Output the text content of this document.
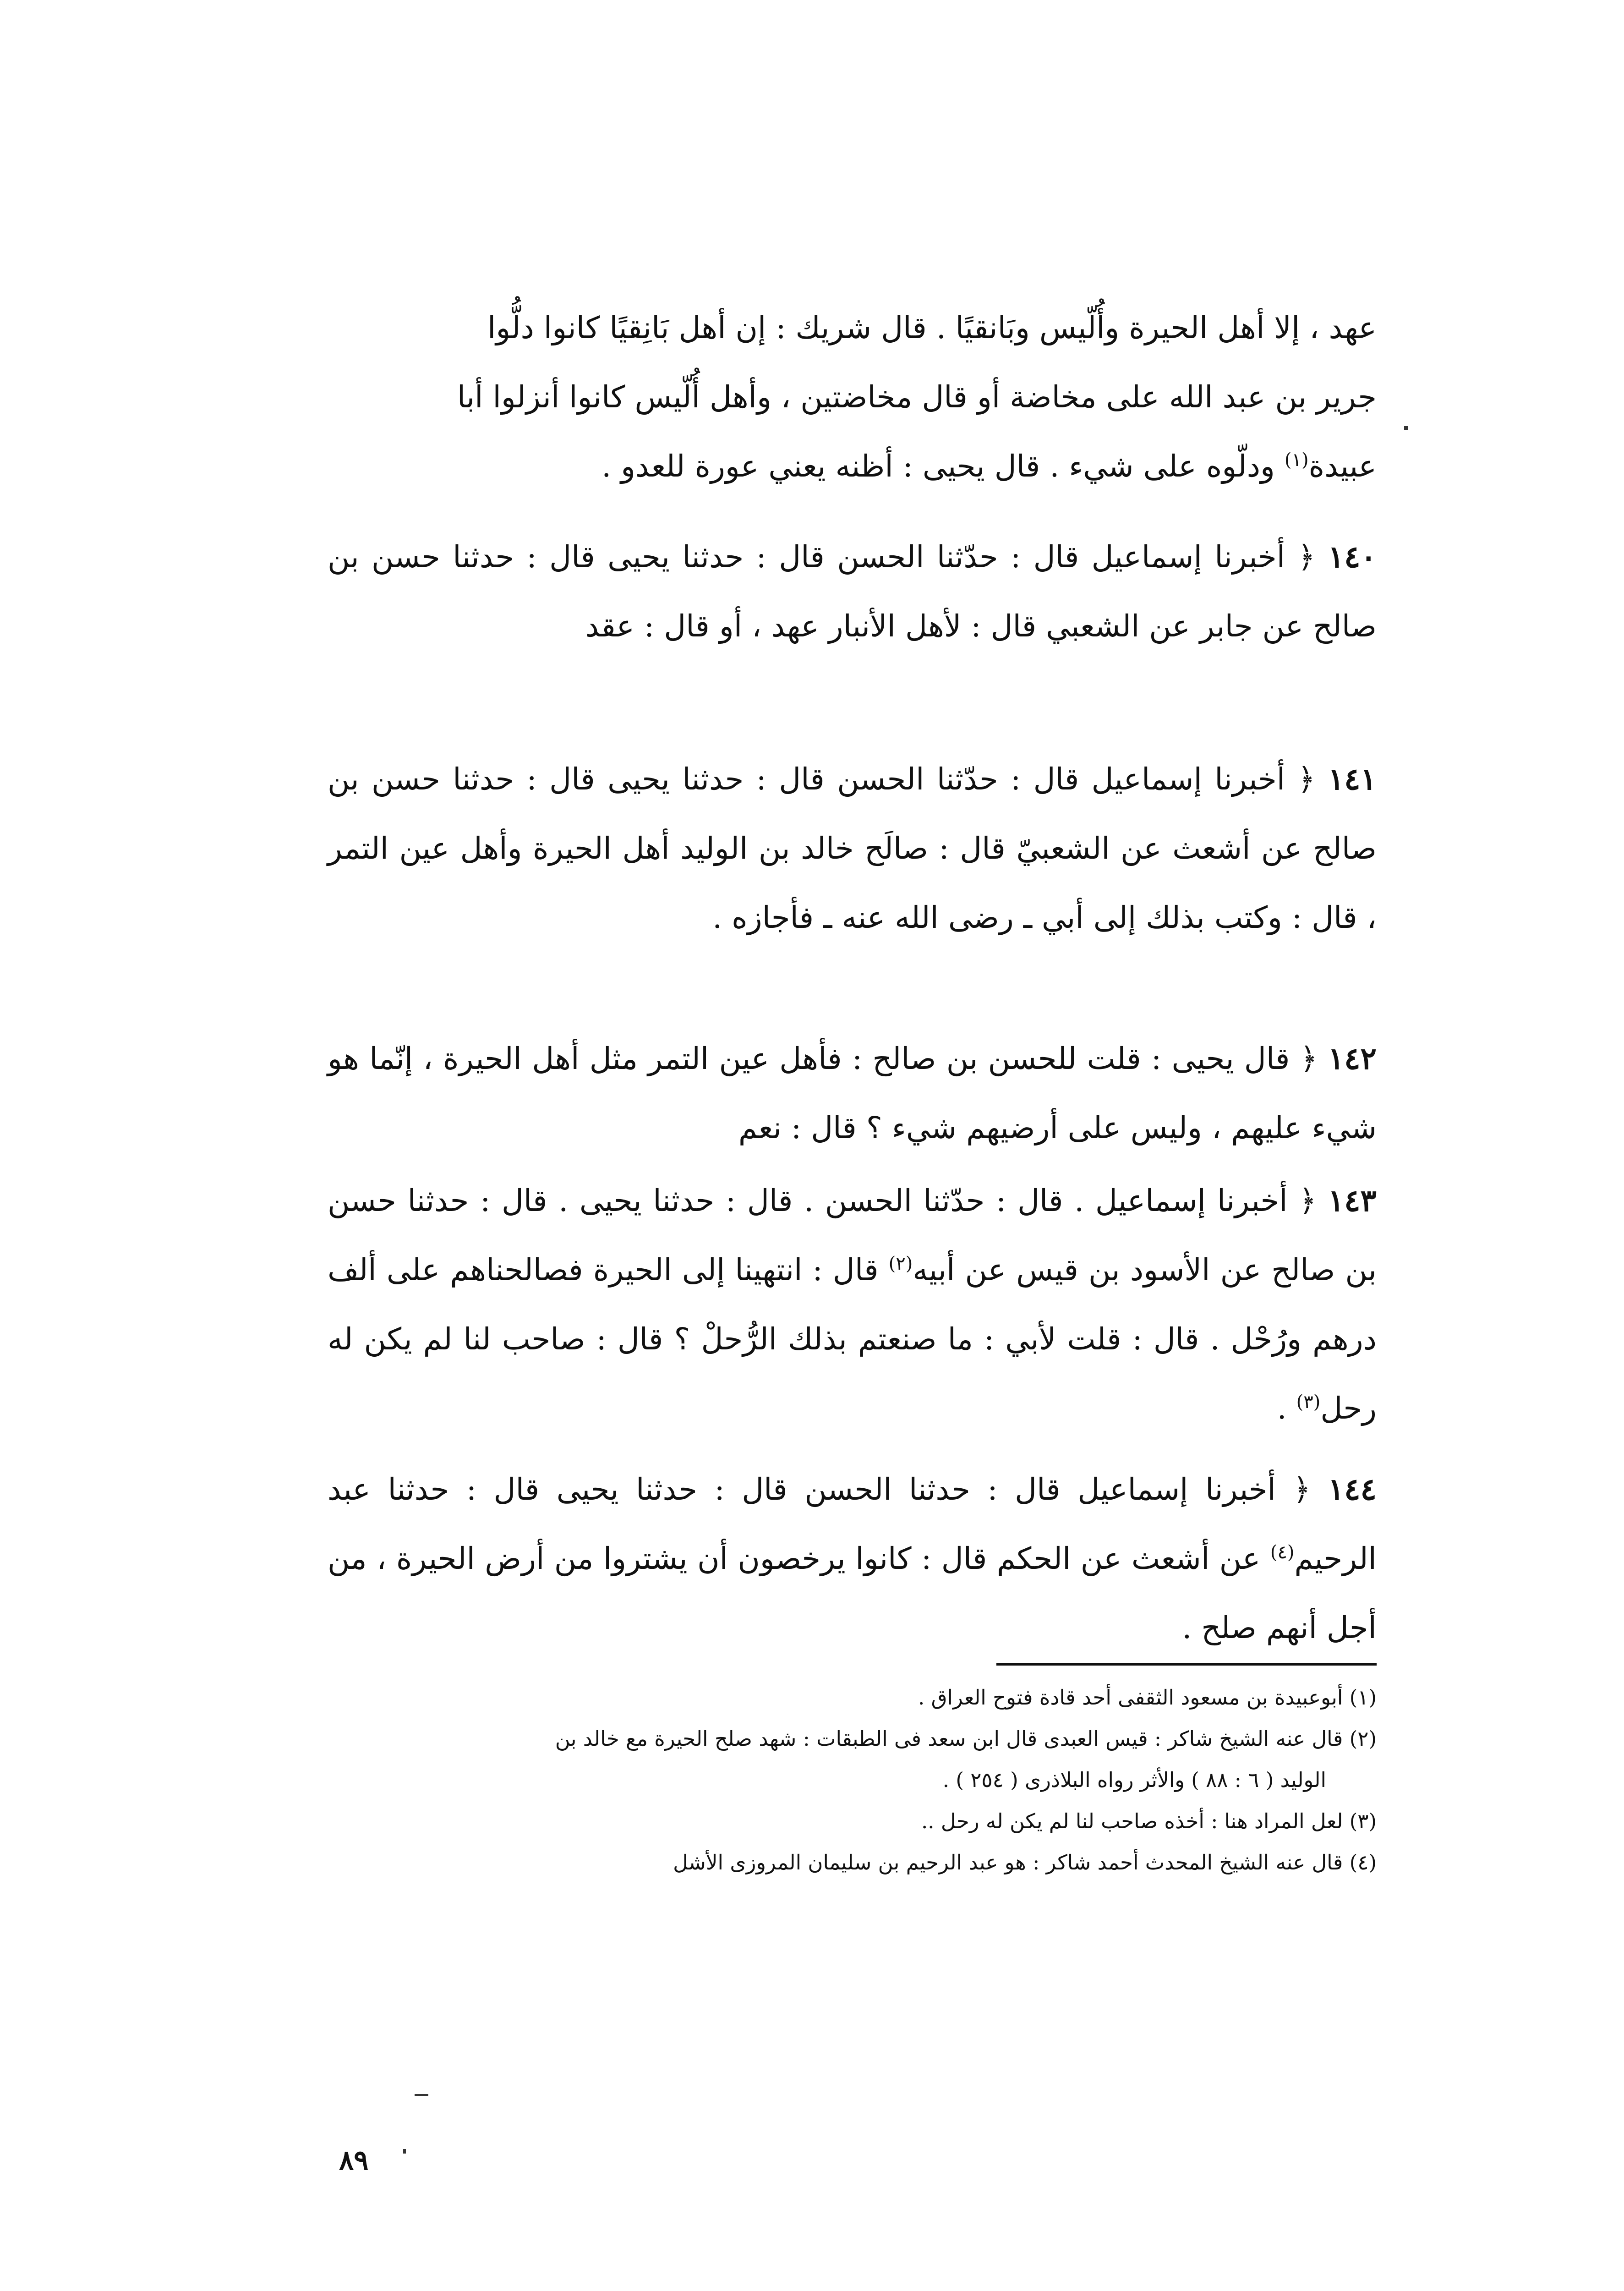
عهد ، إلا أهل الحيرة وأُلّيس وبَانقيًا . قال شريك : إن أهل بَانِقيًا كانوا دلُّوا
جرير بن عبد الله على مخاضة أو قال مخاضتين ، وأهل أُلّيس كانوا أنزلوا أبا
عبيدة$^{(١)}$ ودلّوه على شيء . قال يحيى : أظنه يعني عورة للعدو .
١٤٠ ﴿ أخبرنا إسماعيل قال : حدّثنا الحسن قال : حدثنا يحيى قال : حدثنا حسن بن صالح عن جابر عن الشعبي قال : لأهل الأنبار عهد ، أو قال : عقد
١٤١ ﴿ أخبرنا إسماعيل قال : حدّثنا الحسن قال : حدثنا يحيى قال : حدثنا حسن بن صالح عن أشعث عن الشعبيّ قال : صالَح خالد بن الوليد أهل الحيرة وأهل عين التمر ، قال : وكتب بذلك إلى أبي ـ رضى الله عنه ـ فأجازه .
١٤٢ ﴿ قال يحيى : قلت للحسن بن صالح : فأهل عين التمر مثل أهل الحيرة ، إنّما هو شيء عليهم ، وليس على أرضيهم شيء ؟ قال : نعم
١٤٣ ﴿ أخبرنا إسماعيل . قال : حدّثنا الحسن . قال : حدثنا يحيى . قال : حدثنا حسن بن صالح عن الأسود بن قيس عن أبيه$^{(٢)}$ قال : انتهينا إلى الحيرة فصالحناهم على ألف درهم ورُحْل . قال : قلت لأبي : ما صنعتم بذلك الرُّحلْ ؟ قال : صاحب لنا لم يكن له رحل$^{(٣)}$ .
١٤٤ ﴿ أخبرنا إسماعيل قال : حدثنا الحسن قال : حدثنا يحيى قال : حدثنا عبد الرحيم$^{(٤)}$ عن أشعث عن الحكم قال : كانوا يرخصون أن يشتروا من أرض الحيرة ، من أجل أنهم صلح .

(١) أبوعبيدة بن مسعود الثقفى أحد قادة فتوح العراق .

(٢) قال عنه الشيخ شاكر : قيس العبدى قال ابن سعد فى الطبقات : شهد صلح الحيرة مع خالد بن

الوليد ( ٦ : ٨٨ ) والأثر رواه البلاذرى ( ٢٥٤ ) .

(٣) لعل المراد هنا : أخذه صاحب لنا لم يكن له رحل ..

(٤) قال عنه الشيخ المحدث أحمد شاكر : هو عبد الرحيم بن سليمان المروزى الأشل

٨٩
